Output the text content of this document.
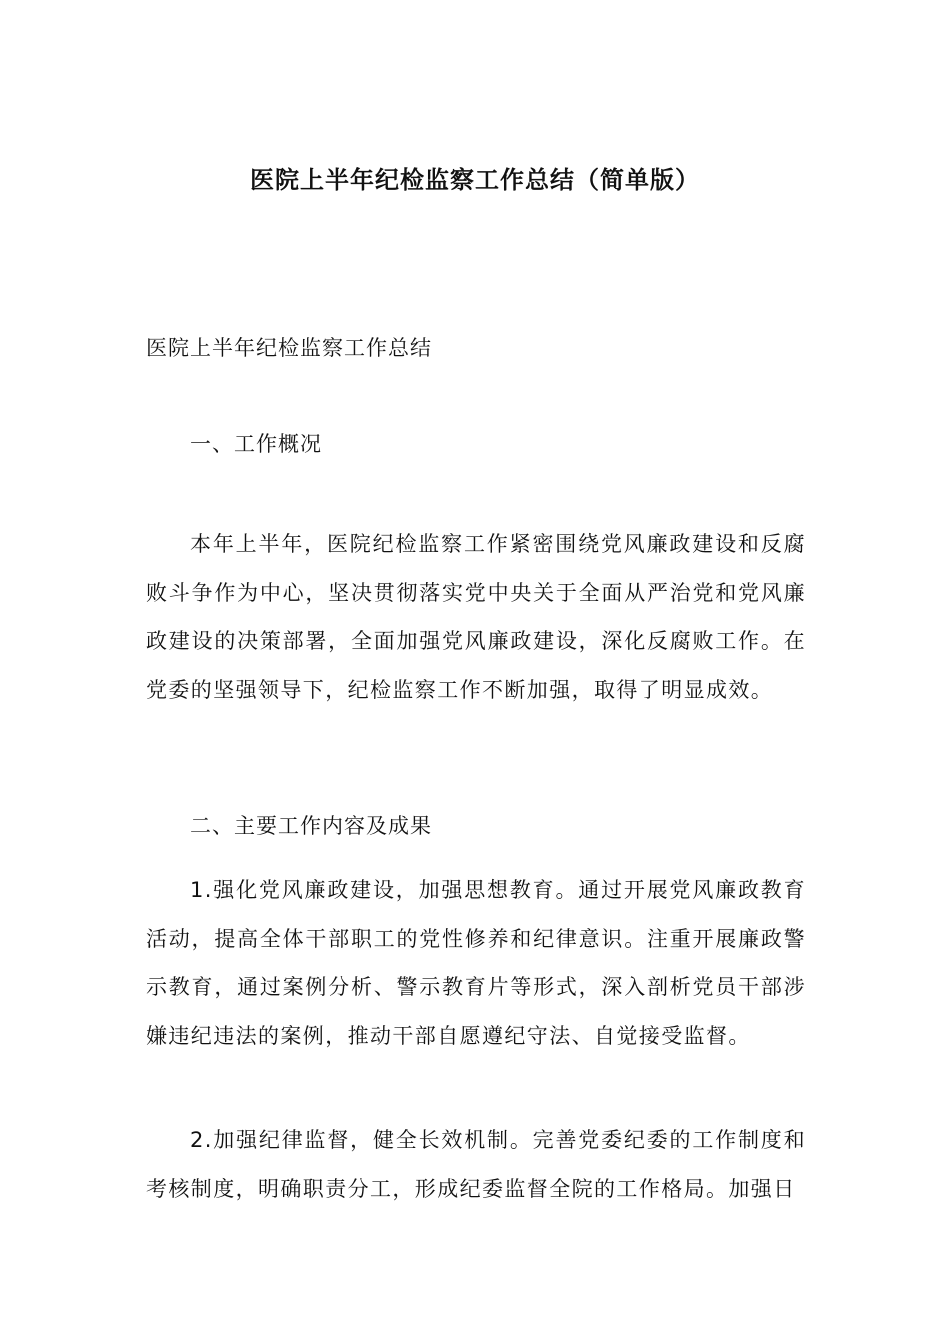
医院上半年纪检监察工作总结（简单版）
医院上半年纪检监察工作总结
一、工作概况

本年上半年，医院纪检监察工作紧密围绕党风廉政建设和反腐败斗争作为中心，坚决贯彻落实党中央关于全面从严治党和党风廉政建设的决策部署，全面加强党风廉政建设，深化反腐败工作。在党委的坚强领导下，纪检监察工作不断加强，取得了明显成效。

二、主要工作内容及成果

1.强化党风廉政建设，加强思想教育。通过开展党风廉政教育活动，提高全体干部职工的党性修养和纪律意识。注重开展廉政警示教育，通过案例分析、警示教育片等形式，深入剖析党员干部涉嫌违纪违法的案例，推动干部自愿遵纪守法、自觉接受监督。

2.加强纪律监督，健全长效机制。完善党委纪委的工作制度和考核制度，明确职责分工，形成纪委监督全院的工作格局。加强日
